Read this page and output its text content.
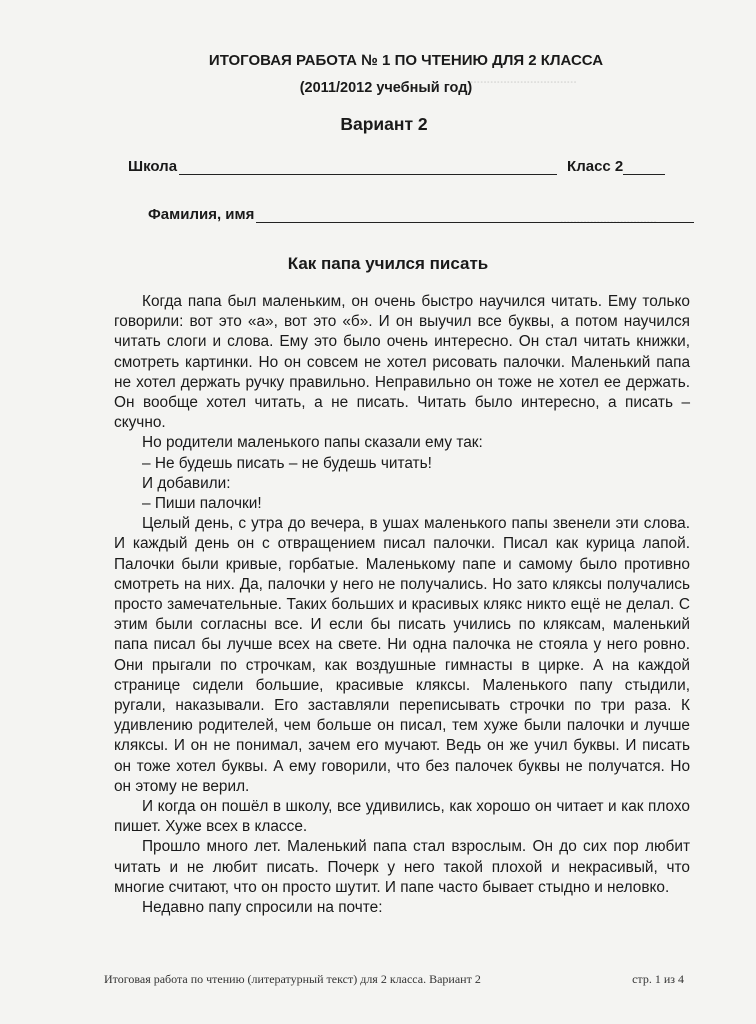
................................
.............................
ИТОГОВАЯ РАБОТА № 1 ПО ЧТЕНИЮ ДЛЯ 2 КЛАССА
(2011/2012 учебный год)
Вариант 2
Школа	Класс 2
Фамилия, имя
Как папа учился писать

Когда папа был маленьким, он очень быстро научился читать. Ему только говорили: вот это «а», вот это «б». И он выучил все буквы, а потом научился читать слоги и слова. Ему это было очень интересно. Он стал читать книжки, смотреть картинки. Но он совсем не хотел рисовать палочки. Маленький папа не хотел держать ручку правильно. Неправильно он тоже не хотел ее держать. Он вообще хотел читать, а не писать. Читать было интересно, а писать – скучно.

Но родители маленького папы сказали ему так:

– Не будешь писать – не будешь читать!

И добавили:

– Пиши палочки!

Целый день, с утра до вечера, в ушах маленького папы звенели эти слова. И каждый день он с отвращением писал палочки. Писал как курица лапой. Палочки были кривые, горбатые. Маленькому папе и самому было противно смотреть на них. Да, палочки у него не получались. Но зато кляксы получались просто замечательные. Таких больших и красивых клякс никто ещё не делал. С этим были согласны все. И если бы писать учились по кляксам, маленький папа писал бы лучше всех на свете. Ни одна палочка не стояла у него ровно. Они прыгали по строчкам, как воздушные гимнасты в цирке. А на каждой странице сидели большие, красивые кляксы. Маленького папу стыдили, ругали, наказывали. Его заставляли переписывать строчки по три раза. К удивлению родителей, чем больше он писал, тем хуже были палочки и лучше кляксы. И он не понимал, зачем его мучают. Ведь он же учил буквы. И писать он тоже хотел буквы. А ему говорили, что без палочек буквы не получатся. Но он этому не верил.

И когда он пошёл в школу, все удивились, как хорошо он читает и как плохо пишет. Хуже всех в классе.

Прошло много лет. Маленький папа стал взрослым. Он до сих пор любит читать и не любит писать. Почерк у него такой плохой и некрасивый, что многие считают, что он просто шутит. И папе часто бывает стыдно и неловко.

Недавно папу спросили на почте:

Итоговая работа по чтению (литературный текст) для 2 класса. Вариант 2	стр. 1 из 4
